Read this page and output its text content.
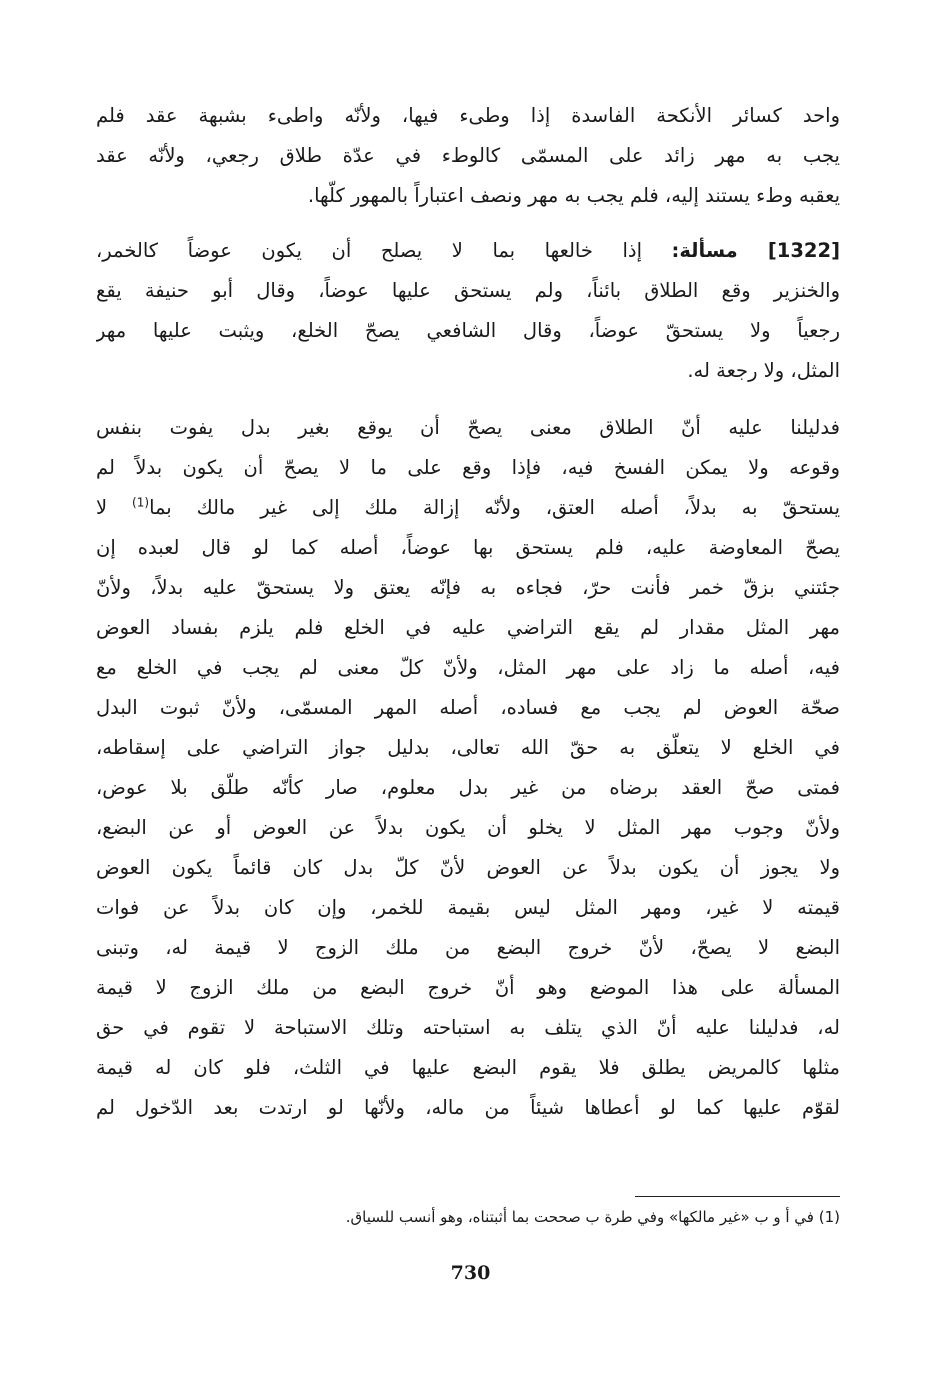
واحد كسائر الأنكحة الفاسدة إذا وطىء فيها، ولأنّه واطىء بشبهة عقد فلم
يجب به مهر زائد على المسمّى كالوطء في عدّة طلاق رجعي، ولأنّه عقد
يعقبه وطء يستند إليه، فلم يجب به مهر ونصف اعتباراً بالمهور كلّها.
[1322] مسألة: إذا خالعها بما لا يصلح أن يكون عوضاً كالخمر،
والخنزير وقع الطلاق بائناً، ولم يستحق عليها عوضاً، وقال أبو حنيفة يقع
رجعياً ولا يستحقّ عوضاً، وقال الشافعي يصحّ الخلع، ويثبت عليها مهر
المثل، ولا رجعة له.
فدليلنا عليه أنّ الطلاق معنى يصحّ أن يوقع بغير بدل يفوت بنفس
وقوعه ولا يمكن الفسخ فيه، فإذا وقع على ما لا يصحّ أن يكون بدلاً لم
يستحقّ به بدلاً، أصله العتق، ولأنّه إزالة ملك إلى غير مالك بما$^{(1)}$ لا
يصحّ المعاوضة عليه، فلم يستحق بها عوضاً، أصله كما لو قال لعبده إن
جئتني بزقّ خمر فأنت حرّ، فجاءه به فإنّه يعتق ولا يستحقّ عليه بدلاً، ولأنّ
مهر المثل مقدار لم يقع التراضي عليه في الخلع فلم يلزم بفساد العوض
فيه، أصله ما زاد على مهر المثل، ولأنّ كلّ معنى لم يجب في الخلع مع
صحّة العوض لم يجب مع فساده، أصله المهر المسمّى، ولأنّ ثبوت البدل
في الخلع لا يتعلّق به حقّ الله تعالى، بدليل جواز التراضي على إسقاطه،
فمتى صحّ العقد برضاه من غير بدل معلوم، صار كأنّه طلّق بلا عوض،
ولأنّ وجوب مهر المثل لا يخلو أن يكون بدلاً عن العوض أو عن البضع،
ولا يجوز أن يكون بدلاً عن العوض لأنّ كلّ بدل كان قائماً يكون العوض
قيمته لا غير، ومهر المثل ليس بقيمة للخمر، وإن كان بدلاً عن فوات
البضع لا يصحّ، لأنّ خروج البضع من ملك الزوج لا قيمة له، وتبنى
المسألة على هذا الموضع وهو أنّ خروج البضع من ملك الزوج لا قيمة
له، فدليلنا عليه أنّ الذي يتلف به استباحته وتلك الاستباحة لا تقوم في حق
مثلها كالمريض يطلق فلا يقوم البضع عليها في الثلث، فلو كان له قيمة
لقوّم عليها كما لو أعطاها شيئاً من ماله، ولأنّها لو ارتدت بعد الدّخول لم
(1) في أ و ب «غير مالكها» وفي طرة ب صححت بما أثبتناه، وهو أنسب للسياق.
730
